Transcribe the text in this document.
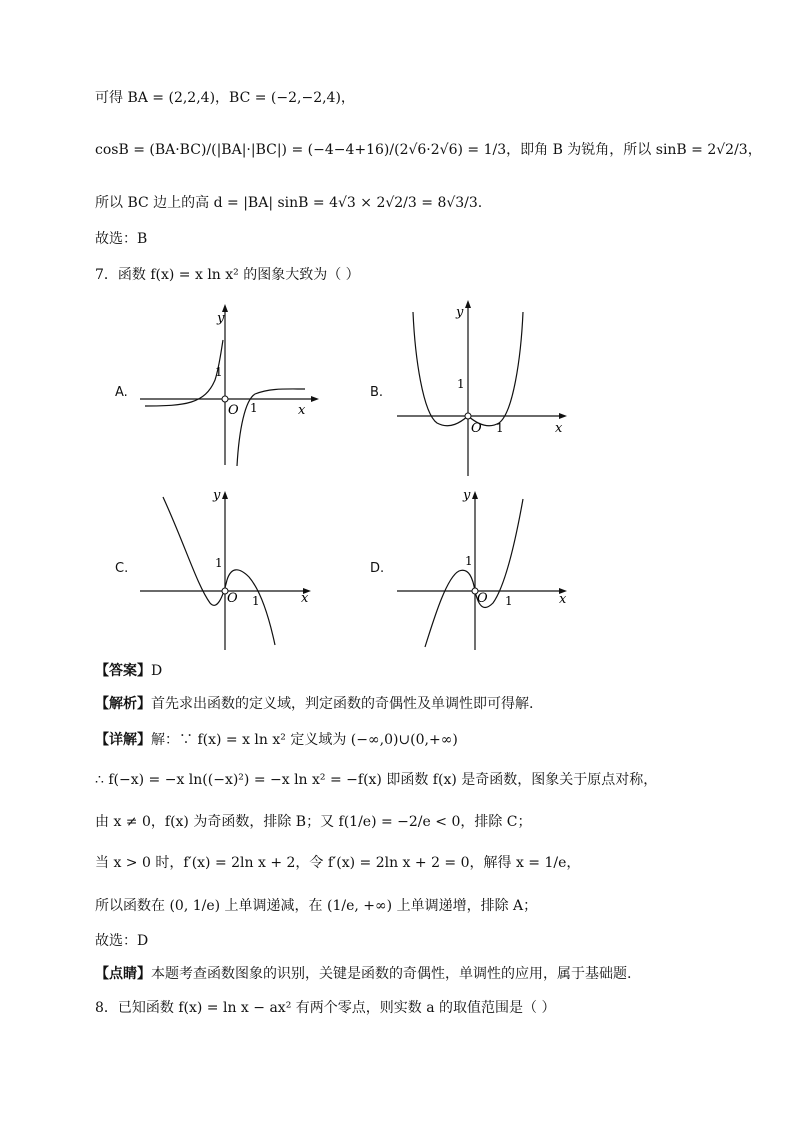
可得 BA = (2,2,4)，BC = (−2,−2,4)，
cosB = (BA·BC)/(|BA|·|BC|) = (−4−4+16)/(2√6·2√6) = 1/3，即角 B 为锐角，所以 sinB = 2√2/3，
所以 BC 边上的高 d = |BA| sinB = 4√3 × 2√2/3 = 8√3/3.
故选：B
7．函数 f(x) = x ln x² 的图象大致为（ ）
A.	B.
C.	D.
y
x
O 1
1
y
x
O 1
1
y
x
O 1
1
y
x
O 1
1
【答案】D
【解析】首先求出函数的定义域，判定函数的奇偶性及单调性即可得解.
【详解】解：∵ f(x) = x ln x² 定义域为 (−∞,0)∪(0,+∞)
∴ f(−x) = −x ln((−x)²) = −x ln x² = −f(x) 即函数 f(x) 是奇函数，图象关于原点对称，
由 x ≠ 0，f(x) 为奇函数，排除 B；又 f(1/e) = −2/e < 0，排除 C；
当 x > 0 时，f′(x) = 2ln x + 2，令 f′(x) = 2ln x + 2 = 0，解得 x = 1/e，
所以函数在 (0, 1/e) 上单调递减，在 (1/e, +∞) 上单调递增，排除 A；
故选：D
【点睛】本题考查函数图象的识别，关键是函数的奇偶性，单调性的应用，属于基础题.
8．已知函数 f(x) = ln x − ax² 有两个零点，则实数 a 的取值范围是（ ）
